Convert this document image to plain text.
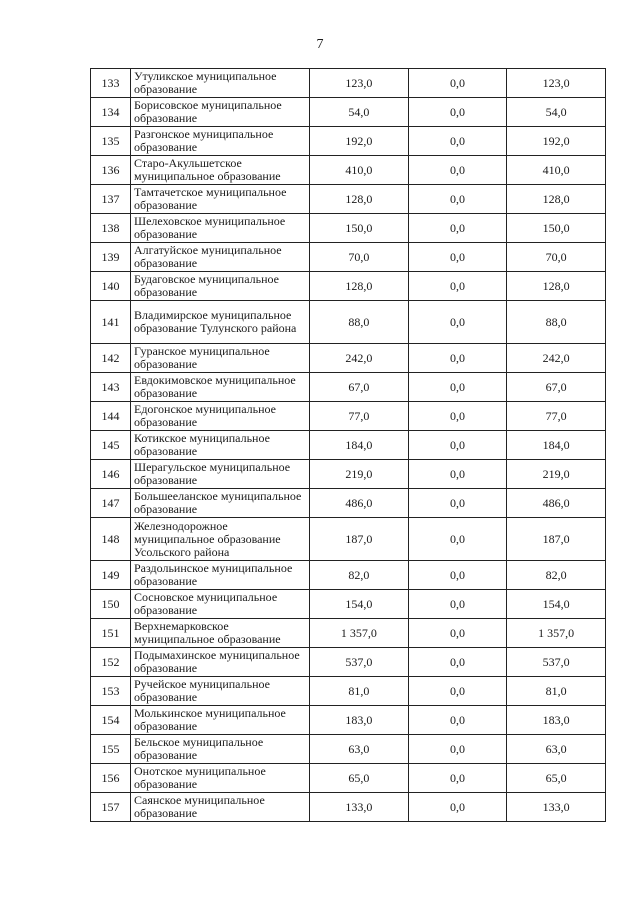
7
133	Утуликское муниципальное образование	123,0	0,0	123,0
134	Борисовское муниципальное образование	54,0	0,0	54,0
135	Разгонское муниципальное образование	192,0	0,0	192,0
136	Старо-Акульшетское муниципальное образование	410,0	0,0	410,0
137	Тамтачетское муниципальное образование	128,0	0,0	128,0
138	Шелеховское муниципальное образование	150,0	0,0	150,0
139	Алгатуйское муниципальное образование	70,0	0,0	70,0
140	Будаговское муниципальное образование	128,0	0,0	128,0
141	Владимирское муниципальное образование Тулунского района	88,0	0,0	88,0
142	Гуранское муниципальное образование	242,0	0,0	242,0
143	Евдокимовское муниципальное образование	67,0	0,0	67,0
144	Едогонское муниципальное образование	77,0	0,0	77,0
145	Котикское муниципальное образование	184,0	0,0	184,0
146	Шерагульское муниципальное образование	219,0	0,0	219,0
147	Большееланское муниципальное образование	486,0	0,0	486,0
148	Железнодорожное муниципальное образование Усольского района	187,0	0,0	187,0
149	Раздольинское муниципальное образование	82,0	0,0	82,0
150	Сосновское муниципальное образование	154,0	0,0	154,0
151	Верхнемарковское муниципальное образование	1 357,0	0,0	1 357,0
152	Подымахинское муниципальное образование	537,0	0,0	537,0
153	Ручейское муниципальное образование	81,0	0,0	81,0
154	Молькинское муниципальное образование	183,0	0,0	183,0
155	Бельское муниципальное образование	63,0	0,0	63,0
156	Онотское муниципальное образование	65,0	0,0	65,0
157	Саянское муниципальное образование	133,0	0,0	133,0
